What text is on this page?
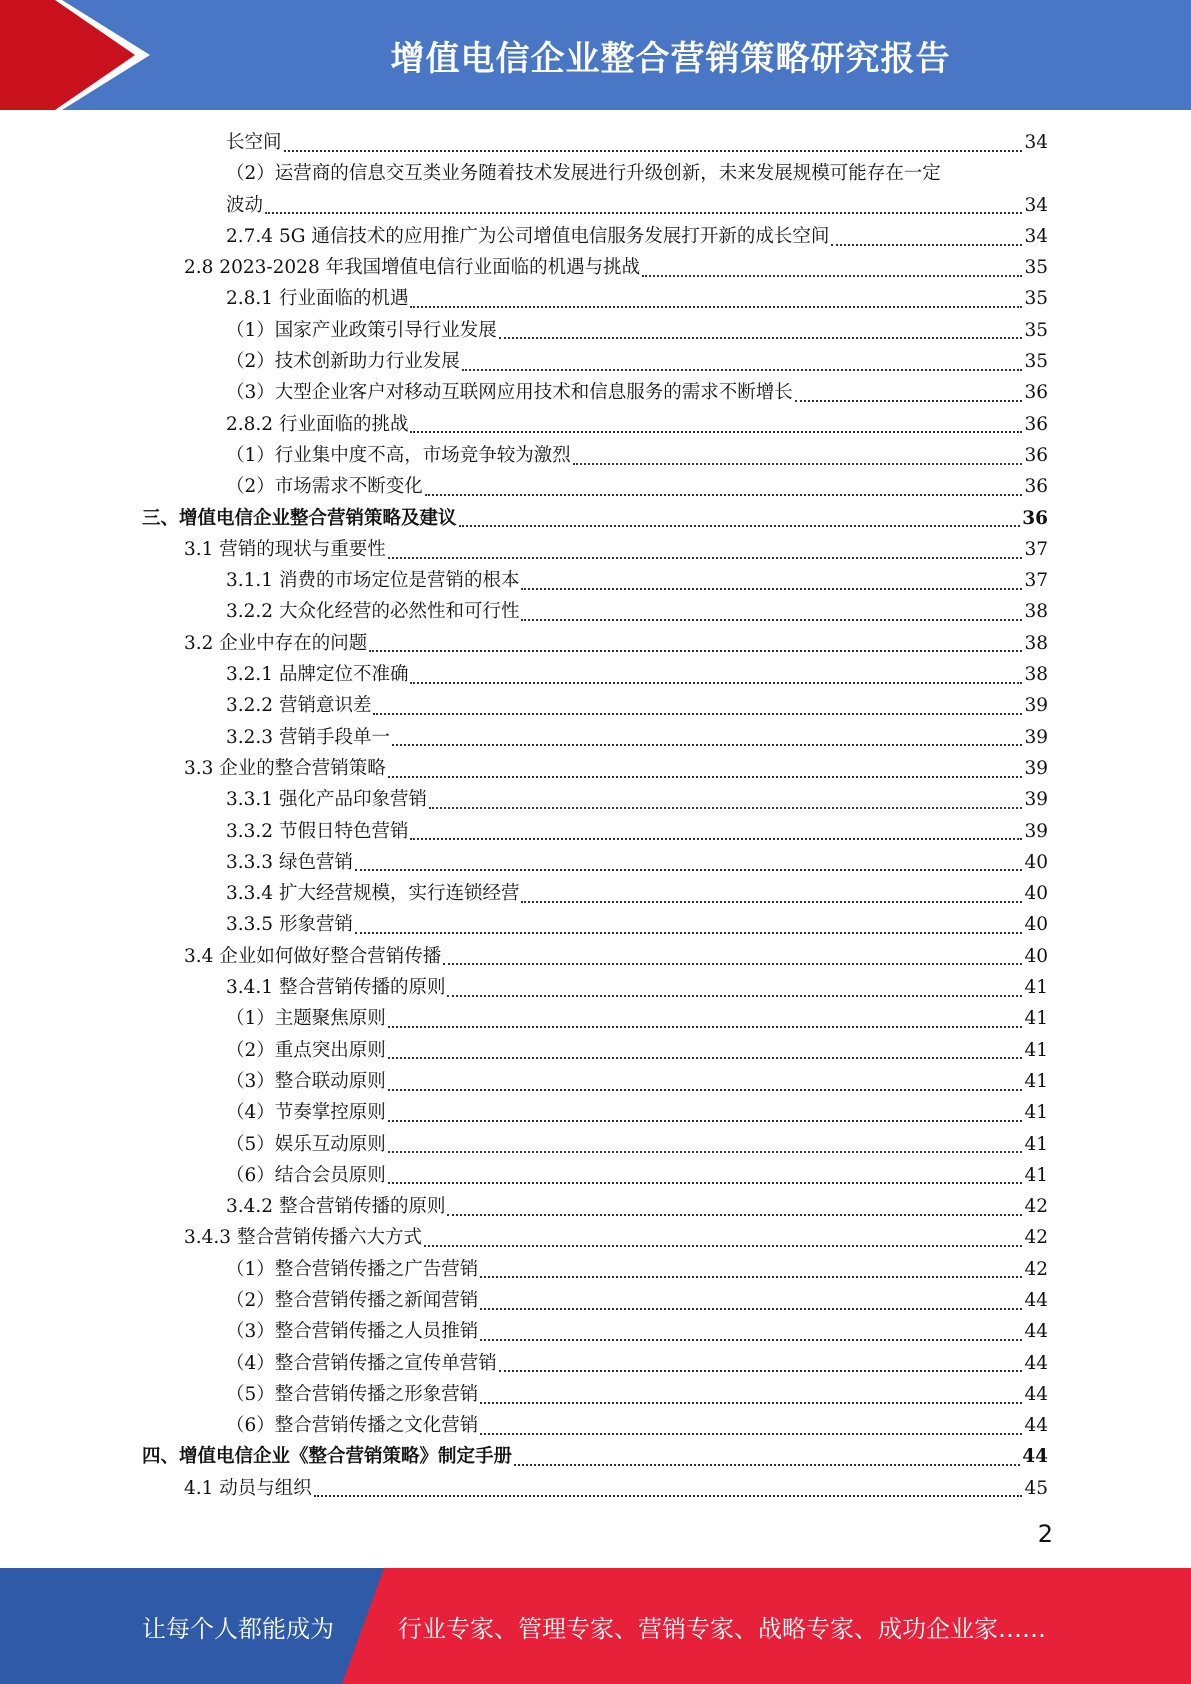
增值电信企业整合营销策略研究报告
长空间	34
（2）运营商的信息交互类业务随着技术发展进行升级创新，未来发展规模可能存在一定
波动	34
2.7.4 5G 通信技术的应用推广为公司增值电信服务发展打开新的成长空间	34
2.8 2023-2028 年我国增值电信行业面临的机遇与挑战	35
2.8.1 行业面临的机遇	35
（1）国家产业政策引导行业发展	35
（2）技术创新助力行业发展	35
（3）大型企业客户对移动互联网应用技术和信息服务的需求不断增长	36
2.8.2 行业面临的挑战	36
（1）行业集中度不高，市场竞争较为激烈	36
（2）市场需求不断变化	36
三、增值电信企业整合营销策略及建议	36
3.1 营销的现状与重要性	37
3.1.1 消费的市场定位是营销的根本	37
3.2.2 大众化经营的必然性和可行性	38
3.2 企业中存在的问题	38
3.2.1 品牌定位不准确	38
3.2.2 营销意识差	39
3.2.3 营销手段单一	39
3.3 企业的整合营销策略	39
3.3.1 强化产品印象营销	39
3.3.2 节假日特色营销	39
3.3.3 绿色营销	40
3.3.4 扩大经营规模，实行连锁经营	40
3.3.5 形象营销	40
3.4 企业如何做好整合营销传播	40
3.4.1 整合营销传播的原则	41
（1）主题聚焦原则	41
（2）重点突出原则	41
（3）整合联动原则	41
（4）节奏掌控原则	41
（5）娱乐互动原则	41
（6）结合会员原则	41
3.4.2 整合营销传播的原则	42
3.4.3 整合营销传播六大方式	42
（1）整合营销传播之广告营销	42
（2）整合营销传播之新闻营销	44
（3）整合营销传播之人员推销	44
（4）整合营销传播之宣传单营销	44
（5）整合营销传播之形象营销	44
（6）整合营销传播之文化营销	44
四、增值电信企业《整合营销策略》制定手册	44
4.1 动员与组织	45
2
让每个人都能成为	行业专家、管理专家、营销专家、战略专家、成功企业家……
